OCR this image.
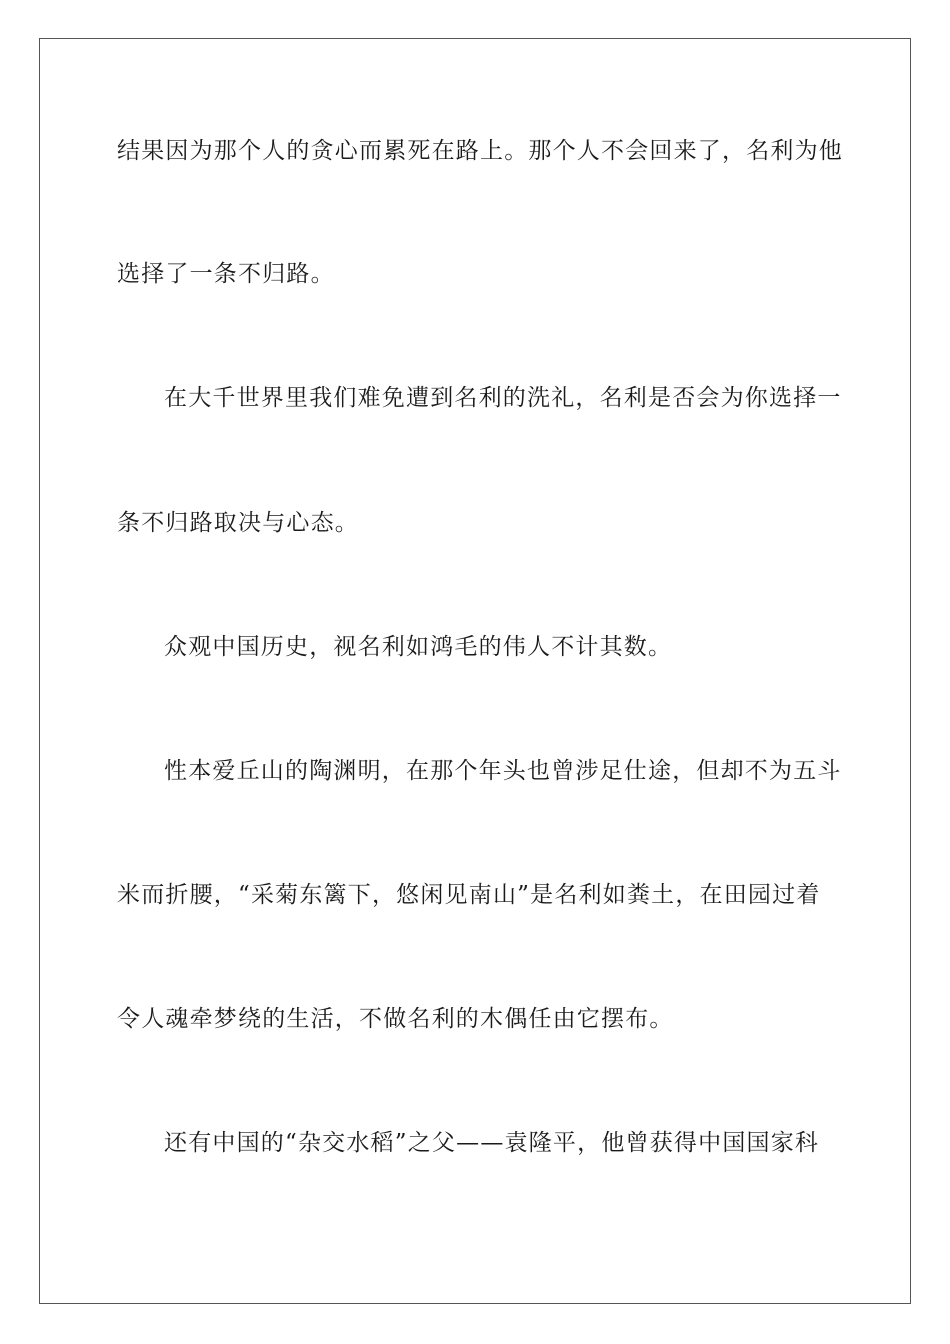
结果因为那个人的贪心而累死在路上。那个人不会回来了，名利为他
选择了一条不归路。
在大千世界里我们难免遭到名利的洗礼，名利是否会为你选择一
条不归路取决与心态。
众观中国历史，视名利如鸿毛的伟人不计其数。
性本爱丘山的陶渊明，在那个年头也曾涉足仕途，但却不为五斗
米而折腰，“采菊东篱下，悠闲见南山”是名利如粪土，在田园过着
令人魂牵梦绕的生活，不做名利的木偶任由它摆布。
还有中国的“杂交水稻”之父——袁隆平，他曾获得中国国家科
